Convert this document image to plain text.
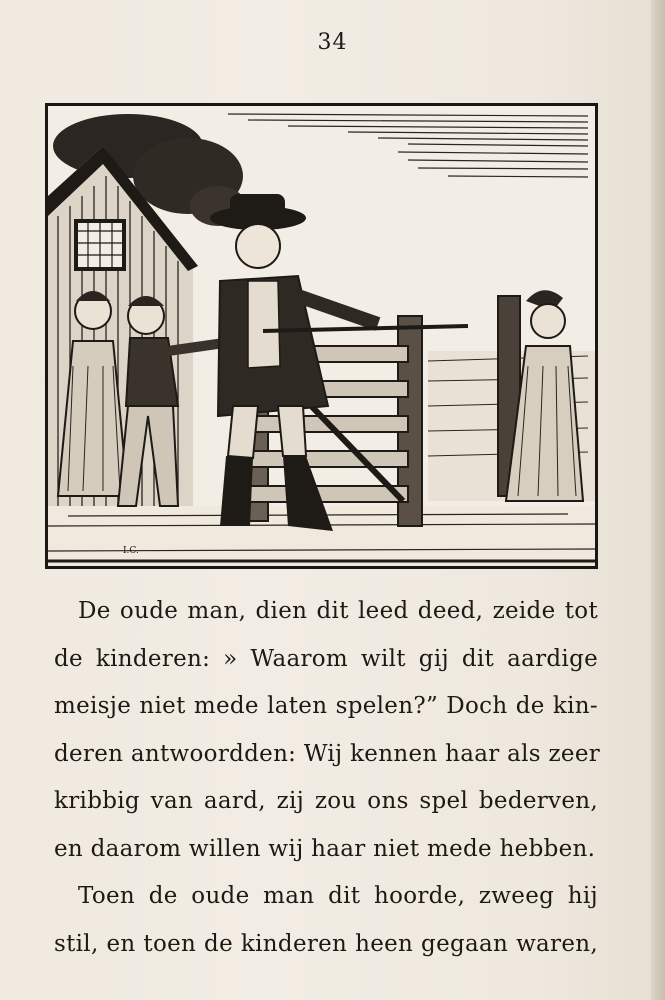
34
I.C.
De oude man, dien dit leed deed, zeide tot
de kinderen: » Waarom wilt gij dit aardige
meisje niet mede laten spelen?” Doch de kin-
deren antwoordden: Wij kennen haar als zeer
kribbig van aard, zij zou ons spel bederven,
en daarom willen wij haar niet mede hebben.
Toen de oude man dit hoorde, zweeg hij
stil, en toen de kinderen heen gegaan waren,
